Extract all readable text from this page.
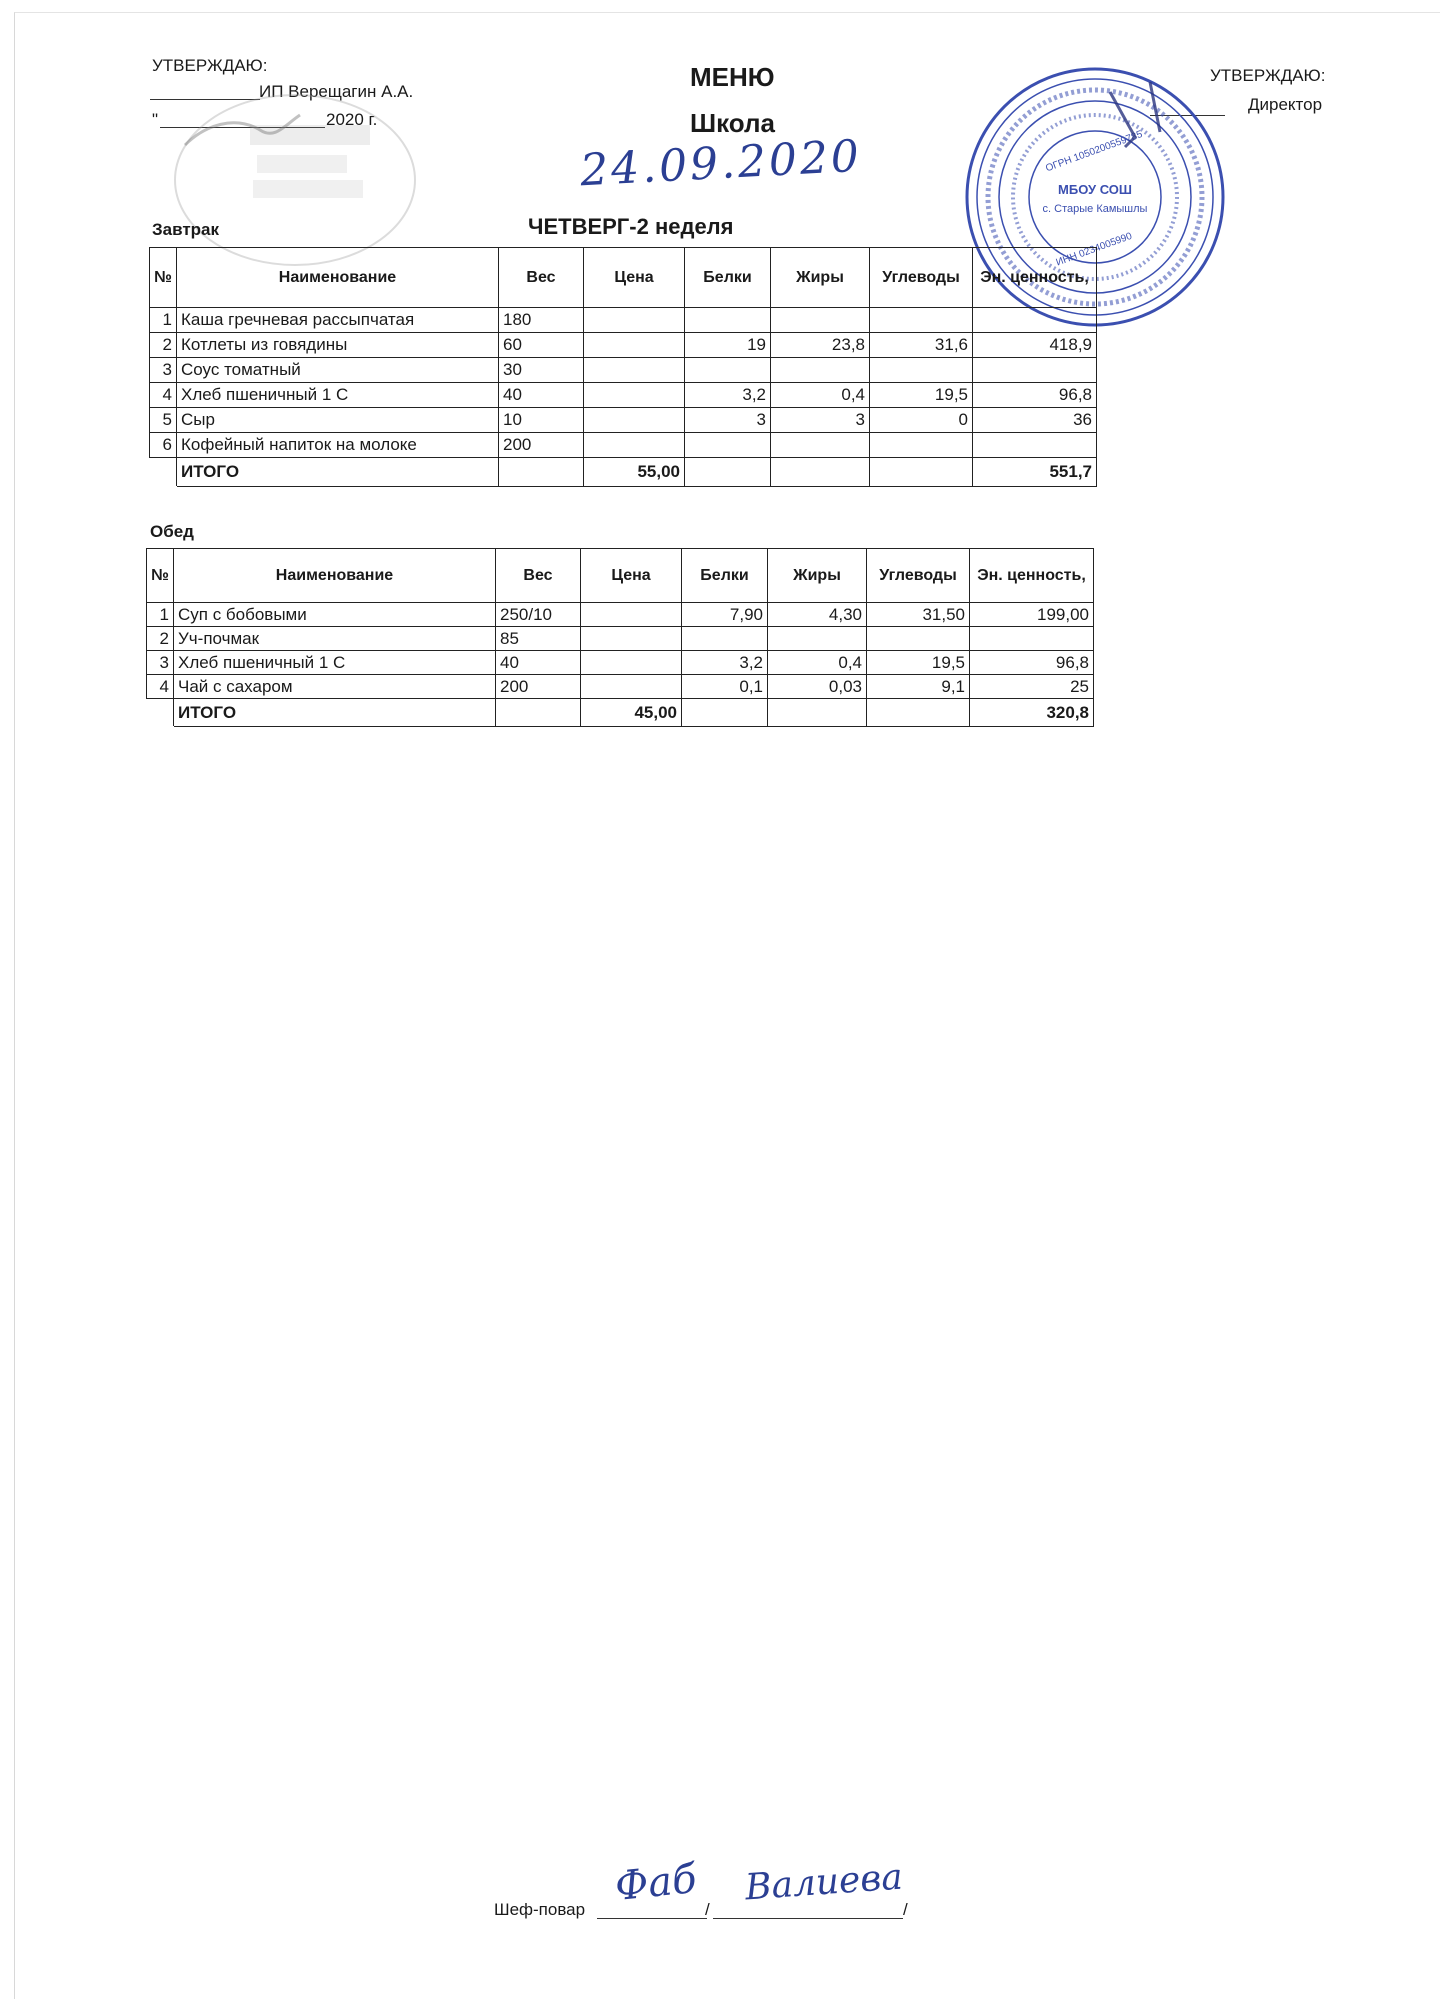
УТВЕРЖДАЮ:
ИП Верещагин А.А.
"	2020 г.
МЕНЮ
Школа
24.09.2020
УТВЕРЖДАЮ:
Директор
МБОУ СОШ
с. Старые Камышлы
ОГРН 1050200559785
ИНН 0234005990
Завтрак	ЧЕТВЕРГ-2 неделя
№	Наименование	Вес	Цена	Белки	Жиры	Углеводы	Эн. ценность,
1	Каша гречневая рассыпчатая	180					
2	Котлеты из говядины	60		19	23,8	31,6	418,9
3	Соус томатный	30					
4	Хлеб пшеничный 1 С	40		3,2	0,4	19,5	96,8
5	Сыр	10		3	3	0	36
6	Кофейный напиток на молоке	200					
	ИТОГО		55,00				551,7
Обед
№	Наименование	Вес	Цена	Белки	Жиры	Углеводы	Эн. ценность,
1	Суп с бобовыми	250/10		7,90	4,30	31,50	199,00
2	Уч-почмак	85					
3	Хлеб пшеничный 1 С	40		3,2	0,4	19,5	96,8
4	Чай с сахаром	200		0,1	0,03	9,1	25
	ИТОГО		45,00				320,8
Шеф-повар	/	/
Фаб Валиева
